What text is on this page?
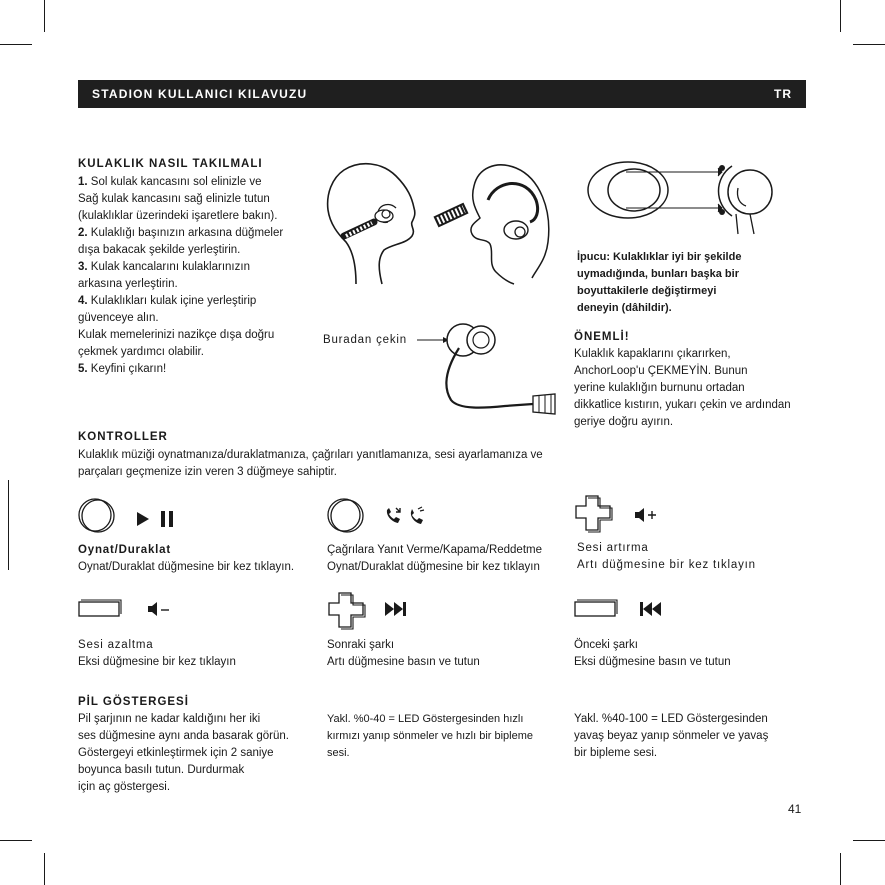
STADION KULLANICI KILAVUZU	TR
KULAKLIK NASIL TAKILMALI

1. Sol kulak kancasını sol elinizle ve

Sağ kulak kancasını sağ elinizle tutun

(kulaklıklar üzerindeki işaretlere bakın).

2. Kulaklığı başınızın arkasına düğmeler

dışa bakacak şekilde yerleştirin.

3. Kulak kancalarını kulaklarınızın

arkasına yerleştirin.

4. Kulaklıkları kulak içine yerleştirip

güvenceye alın.

Kulak memelerinizi nazikçe dışa doğru

çekmek yardımcı olabilir.

5. Keyfini çıkarın!

İpucu: Kulaklıklar iyi bir şekilde
uymadığında, bunları başka bir
boyuttakilerle değiştirmeyi
deneyin (dâhildir).
Buradan çekin	ÖNEMLİ!

Kulaklık kapaklarını çıkarırken,

AnchorLoop'u ÇEKMEYİN. Bunun

yerine kulaklığın burnunu ortadan

dikkatlice kıstırın, yukarı çekin ve ardından

geriye doğru ayırın.

KONTROLLER

Kulaklık müziği oynatmanıza/duraklatmanıza, çağrıları yanıtlamanıza, sesi ayarlamanıza ve

parçaları geçmenize izin veren 3 düğmeye sahiptir.

Oynat/Duraklat
Oynat/Duraklat düğmesine bir kez tıklayın.
Çağrılara Yanıt Verme/Kapama/Reddetme
Oynat/Duraklat düğmesine bir kez tıklayın
Sesi artırma
Artı düğmesine bir kez tıklayın
Sesi azaltma
Eksi düğmesine bir kez tıklayın
Sonraki şarkı
Artı düğmesine basın ve tutun
Önceki şarkı
Eksi düğmesine basın ve tutun
PİL GÖSTERGESİ

Pil şarjının ne kadar kaldığını her iki

ses düğmesine aynı anda basarak görün.

Göstergeyi etkinleştirmek için 2 saniye

boyunca basılı tutun. Durdurmak

için aç göstergesi.

Yakl. %0-40 = LED Göstergesinden hızlı

kırmızı yanıp sönmeler ve hızlı bir bipleme

sesi.

Yakl. %40-100 = LED Göstergesinden

yavaş beyaz yanıp sönmeler ve yavaş

bir bipleme sesi.

41
